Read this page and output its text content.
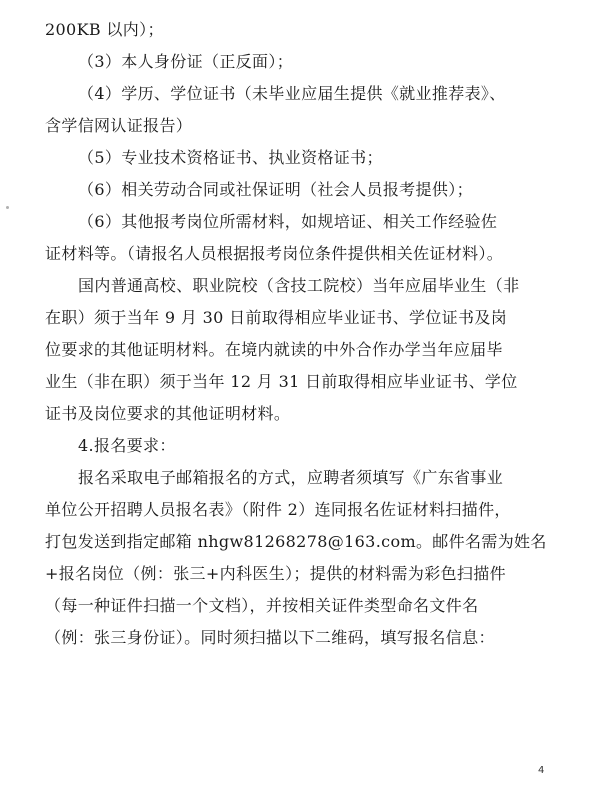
200KB 以内）；
（3）本人身份证（正反面）；
（4）学历、学位证书（未毕业应届生提供《就业推荐表》、
含学信网认证报告）
（5）专业技术资格证书、执业资格证书；
（6）相关劳动合同或社保证明（社会人员报考提供）；
（6）其他报考岗位所需材料，如规培证、相关工作经验佐
证材料等。（请报名人员根据报考岗位条件提供相关佐证材料）。
国内普通高校、职业院校（含技工院校）当年应届毕业生（非
在职）须于当年 9 月 30 日前取得相应毕业证书、学位证书及岗
位要求的其他证明材料。在境内就读的中外合作办学当年应届毕
业生（非在职）须于当年 12 月 31 日前取得相应毕业证书、学位
证书及岗位要求的其他证明材料。
4.报名要求：
报名采取电子邮箱报名的方式，应聘者须填写《广东省事业
单位公开招聘人员报名表》（附件 2）连同报名佐证材料扫描件，
打包发送到指定邮箱 nhgw81268278@163.com。邮件名需为姓名
+报名岗位（例：张三+内科医生）；提供的材料需为彩色扫描件
（每一种证件扫描一个文档），并按相关证件类型命名文件名
（例：张三身份证）。同时须扫描以下二维码，填写报名信息：
4
